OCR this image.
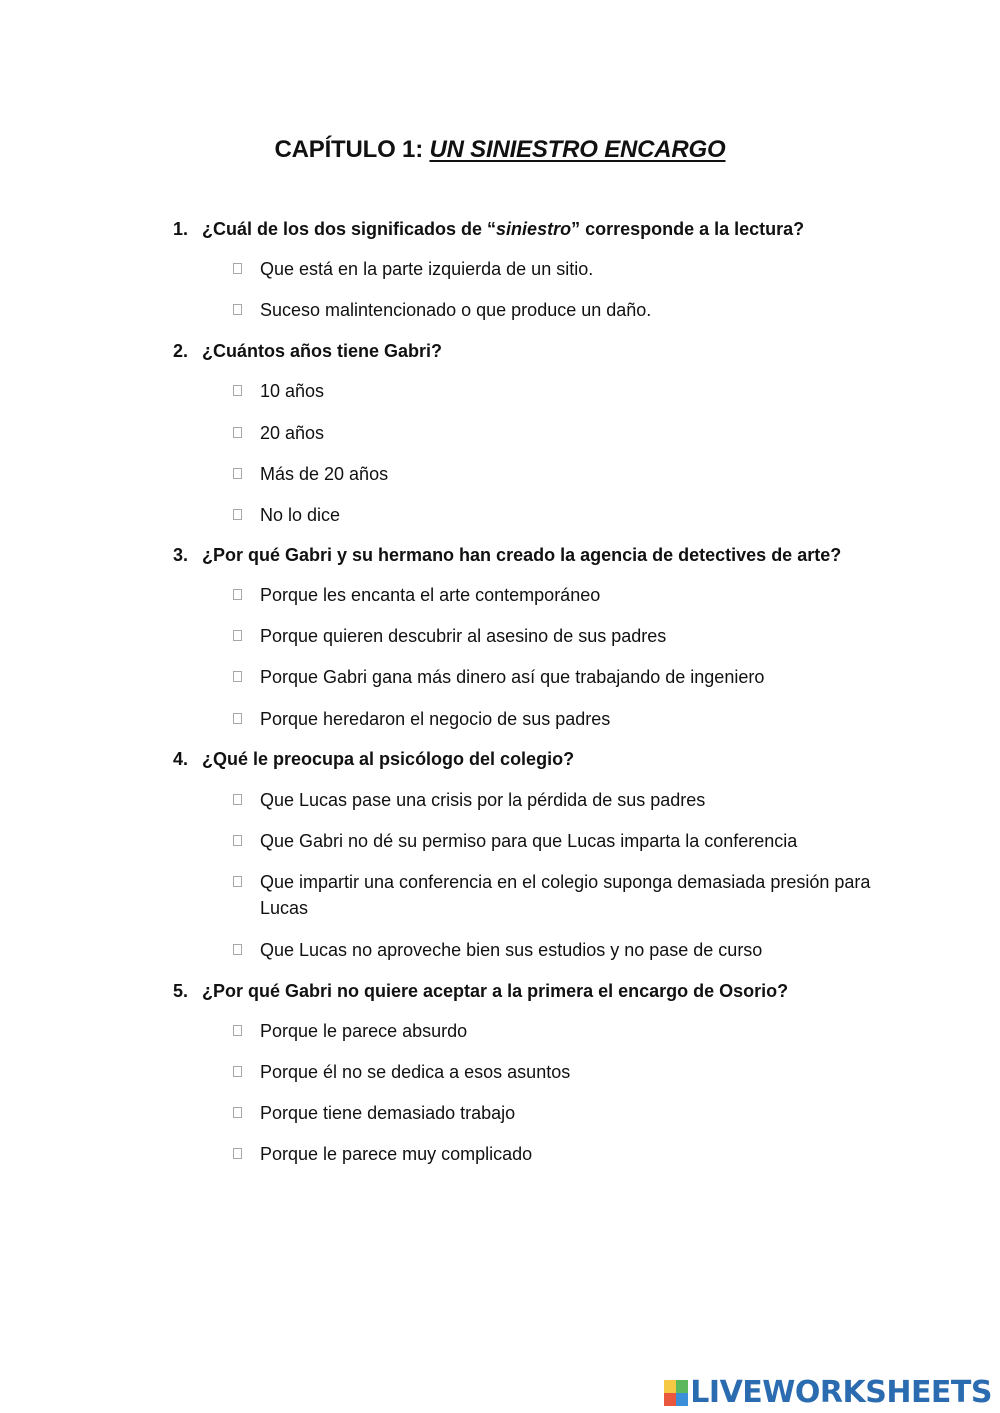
CAPÍTULO 1: UN SINIESTRO ENCARGO
1. ¿Cuál de los dos significados de “siniestro” corresponde a la lectura?
Que está en la parte izquierda de un sitio.
Suceso malintencionado o que produce un daño.
2. ¿Cuántos años tiene Gabri?
10 años
20 años
Más de 20 años
No lo dice
3. ¿Por qué Gabri y su hermano han creado la agencia de detectives de arte?
Porque les encanta el arte contemporáneo
Porque quieren descubrir al asesino de sus padres
Porque Gabri gana más dinero así que trabajando de ingeniero
Porque heredaron el negocio de sus padres
4. ¿Qué le preocupa al psicólogo del colegio?
Que Lucas pase una crisis por la pérdida de sus padres
Que Gabri no dé su permiso para que Lucas imparta la conferencia
Que impartir una conferencia en el colegio suponga demasiada presión para Lucas
Que Lucas no aproveche bien sus estudios y no pase de curso
5. ¿Por qué Gabri no quiere aceptar a la primera el encargo de Osorio?
Porque le parece absurdo
Porque él no se dedica a esos asuntos
Porque tiene demasiado trabajo
Porque le parece muy complicado
LIVEWORKSHEETS
